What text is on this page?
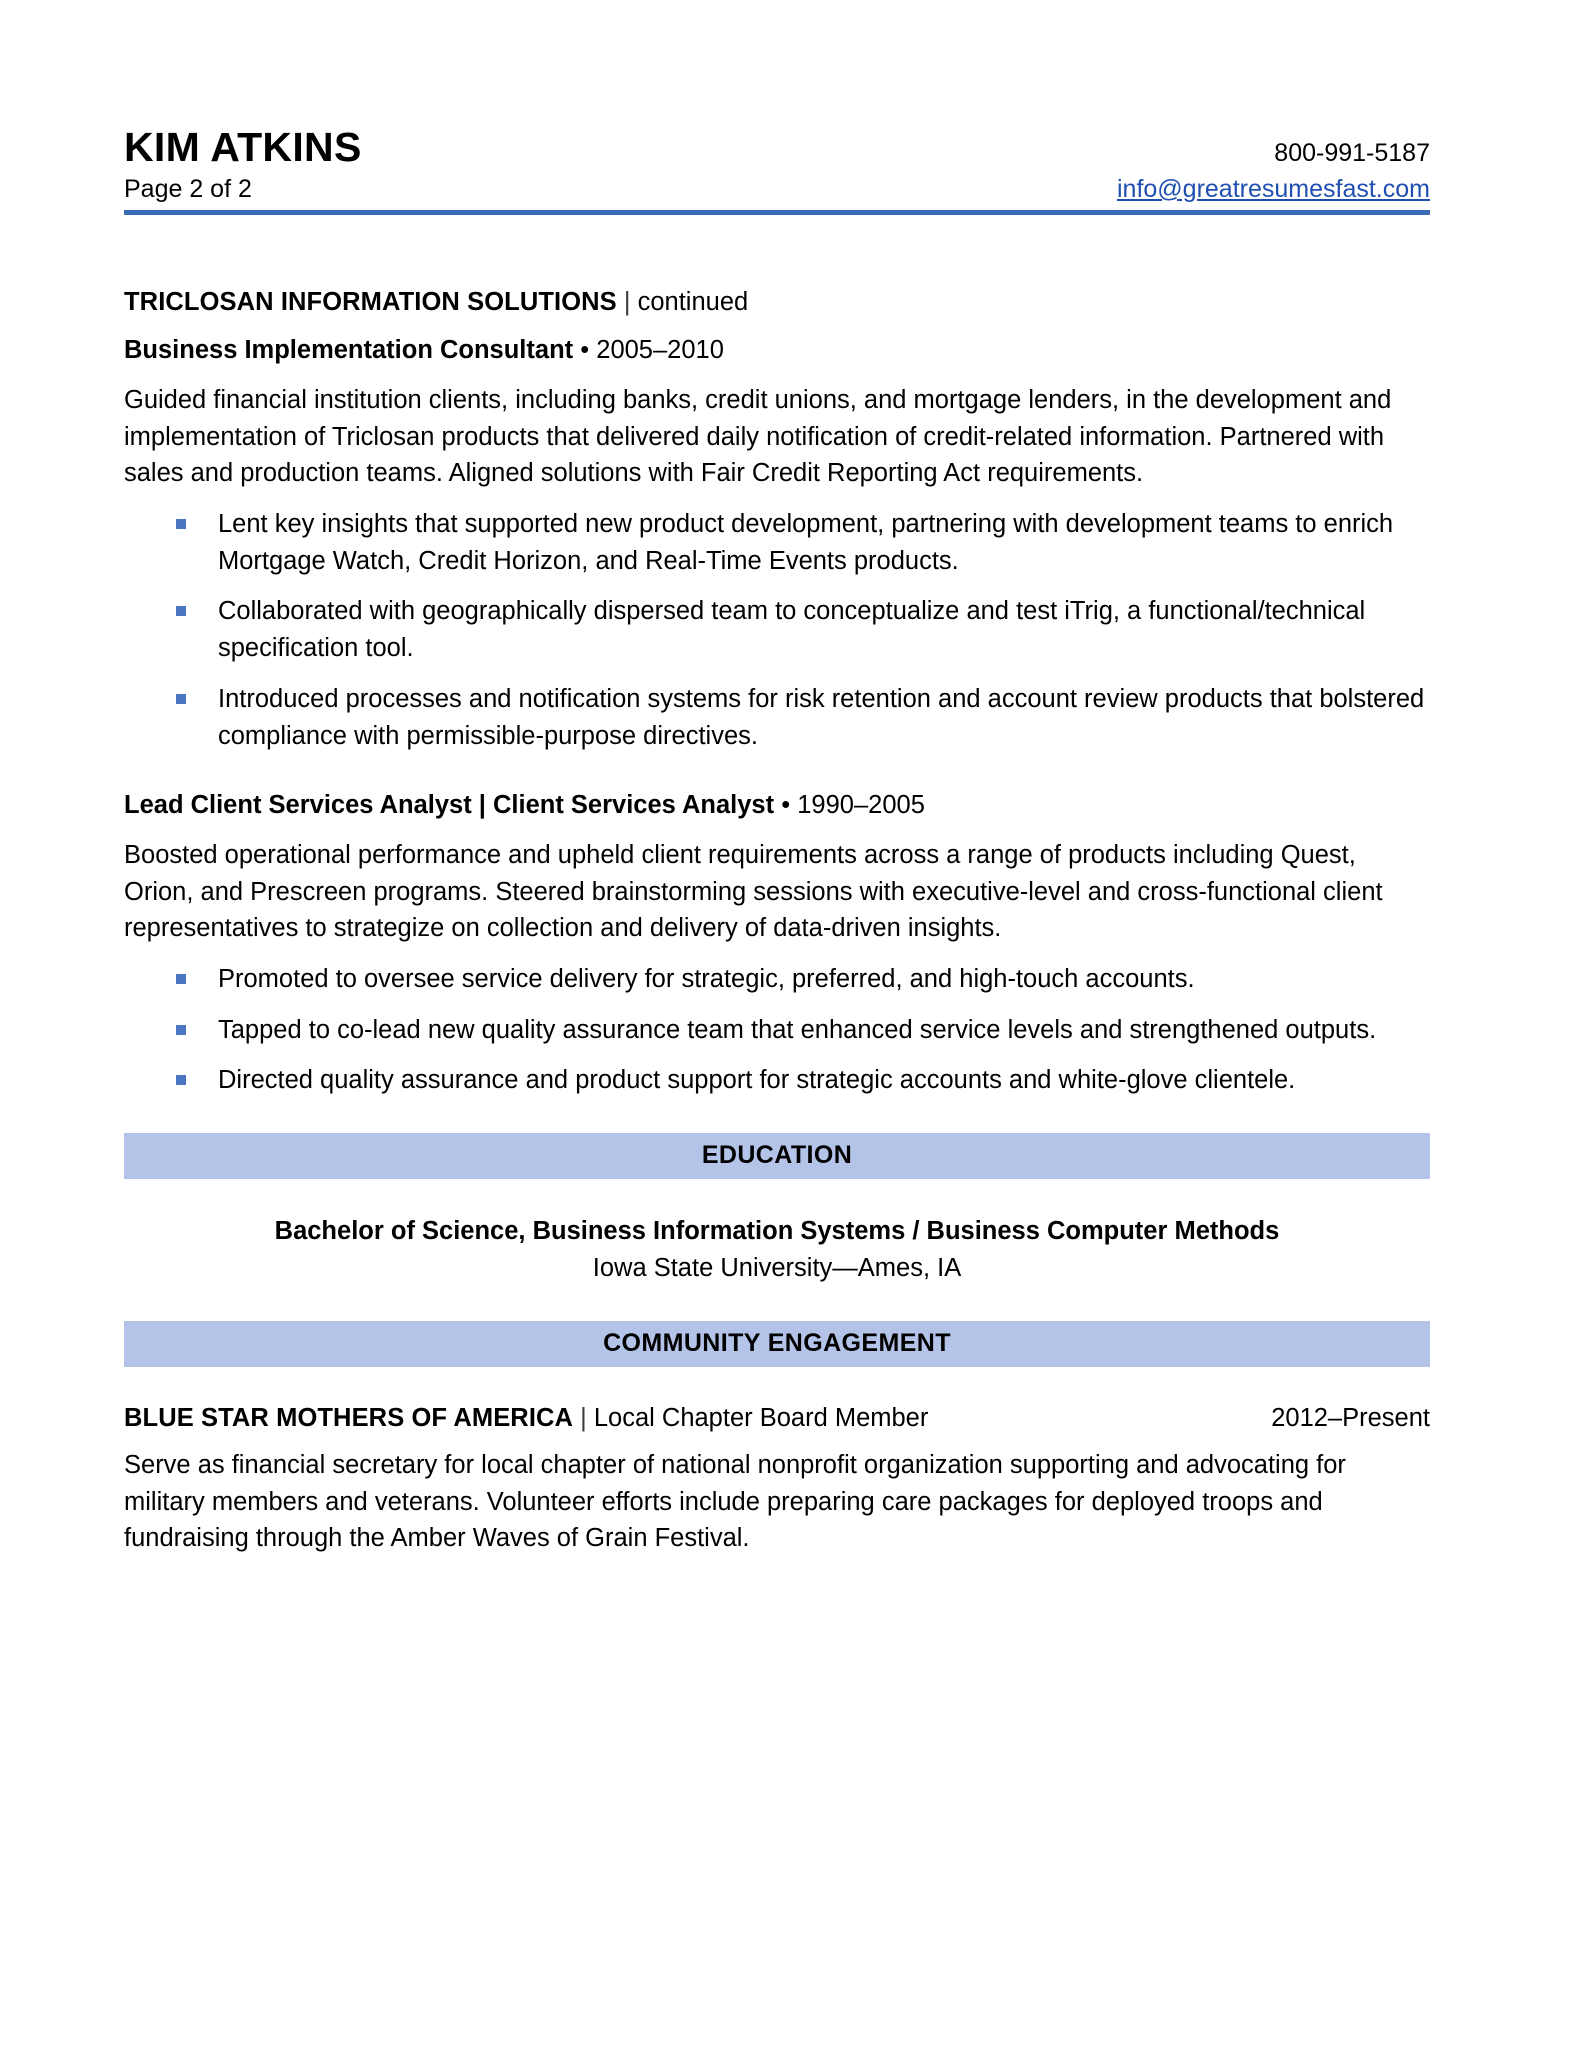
KIM ATKINS	800-991-5187
Page 2 of 2	info@greatresumesfast.com
TRICLOSAN INFORMATION SOLUTIONS | continued
Business Implementation Consultant • 2005–2010

Guided financial institution clients, including banks, credit unions, and mortgage lenders, in the development and implementation of Triclosan products that delivered daily notification of credit-related information. Partnered with sales and production teams. Aligned solutions with Fair Credit Reporting Act requirements.

Lent key insights that supported new product development, partnering with development teams to enrich Mortgage Watch, Credit Horizon, and Real-Time Events products.
Collaborated with geographically dispersed team to conceptualize and test iTrig, a functional/technical specification tool.
Introduced processes and notification systems for risk retention and account review products that bolstered compliance with permissible-purpose directives.
Lead Client Services Analyst | Client Services Analyst • 1990–2005

Boosted operational performance and upheld client requirements across a range of products including Quest, Orion, and Prescreen programs. Steered brainstorming sessions with executive-level and cross-functional client representatives to strategize on collection and delivery of data-driven insights.

Promoted to oversee service delivery for strategic, preferred, and high-touch accounts.
Tapped to co-lead new quality assurance team that enhanced service levels and strengthened outputs.
Directed quality assurance and product support for strategic accounts and white-glove clientele.
EDUCATION
Bachelor of Science, Business Information Systems / Business Computer Methods
Iowa State University—Ames, IA
COMMUNITY ENGAGEMENT
BLUE STAR MOTHERS OF AMERICA | Local Chapter Board Member	2012–Present

Serve as financial secretary for local chapter of national nonprofit organization supporting and advocating for military members and veterans. Volunteer efforts include preparing care packages for deployed troops and fundraising through the Amber Waves of Grain Festival.
